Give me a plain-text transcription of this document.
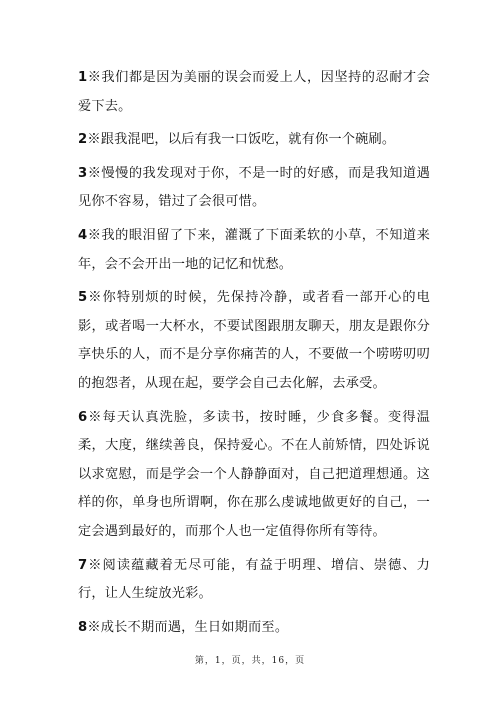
1※我们都是因为美丽的误会而爱上人，因坚持的忍耐才会爱下去。
2※跟我混吧，以后有我一口饭吃，就有你一个碗刷。
3※慢慢的我发现对于你，不是一时的好感，而是我知道遇见你不容易，错过了会很可惜。
4※我的眼泪留了下来，灌溉了下面柔软的小草，不知道来年，会不会开出一地的记忆和忧愁。
5※你特别烦的时候，先保持冷静，或者看一部开心的电影，或者喝一大杯水，不要试图跟朋友聊天，朋友是跟你分享快乐的人，而不是分享你痛苦的人，不要做一个唠唠叨叨的抱怨者，从现在起，要学会自己去化解，去承受。
6※每天认真洗脸，多读书，按时睡，少食多餐。变得温柔，大度，继续善良，保持爱心。不在人前矫情，四处诉说以求宽慰，而是学会一个人静静面对，自己把道理想通。这样的你，单身也所谓啊，你在那么虔诚地做更好的自己，一定会遇到最好的，而那个人也一定值得你所有等待。
7※阅读蕴藏着无尽可能，有益于明理、增信、崇德、力行，让人生绽放光彩。
8※成长不期而遇，生日如期而至。
第，1，页，共，16，页
